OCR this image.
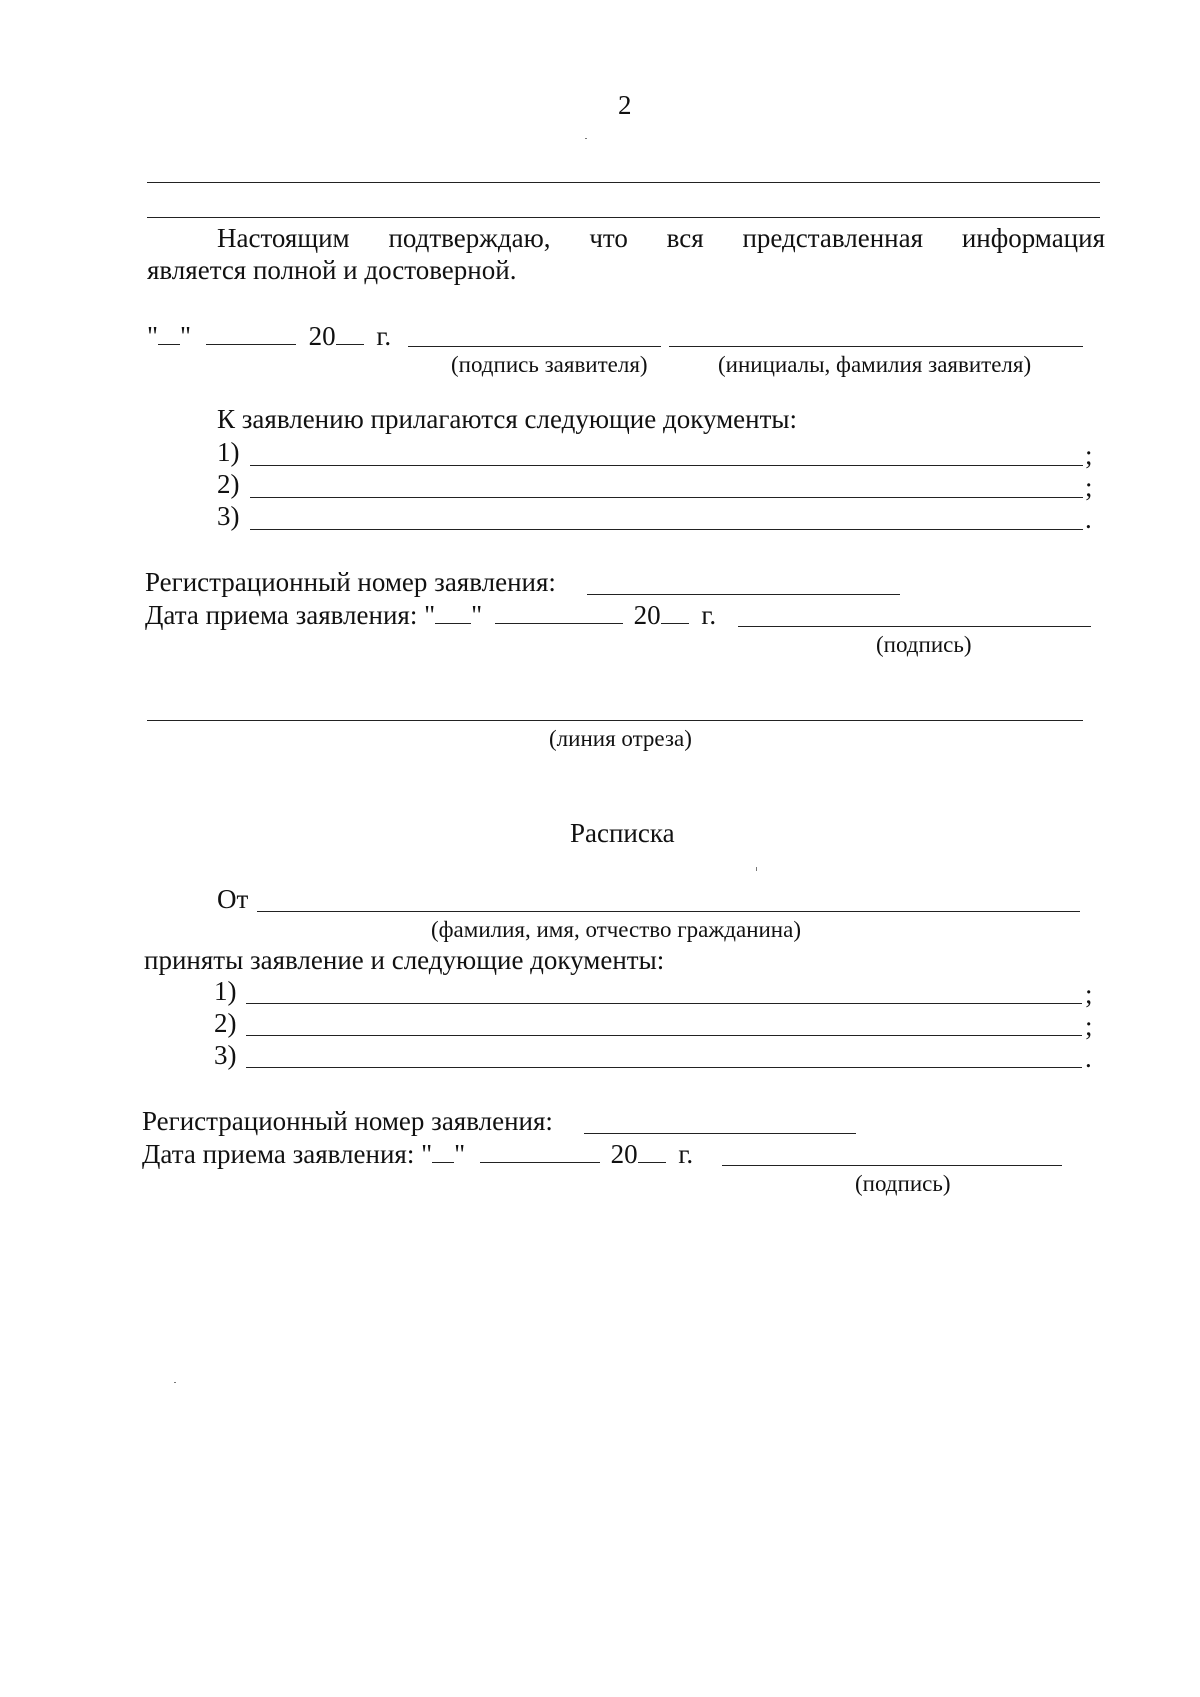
2
Настоящим подтверждаю, что вся представленная информация
является полной и достоверной.
" "	20 г.
(подпись заявителя)	(инициалы, фамилия заявителя)
К заявлению прилагаются следующие документы:
1)	;
2)	;
3)	.
Регистрационный номер заявления:
Дата приема заявления: " "	20 г.
(подпись)
(линия отреза)
Расписка
От
(фамилия, имя, отчество гражданина)
приняты заявление и следующие документы:
1)	;
2)	;
3)	.
Регистрационный номер заявления:
Дата приема заявления: " "	20 г.
(подпись)
